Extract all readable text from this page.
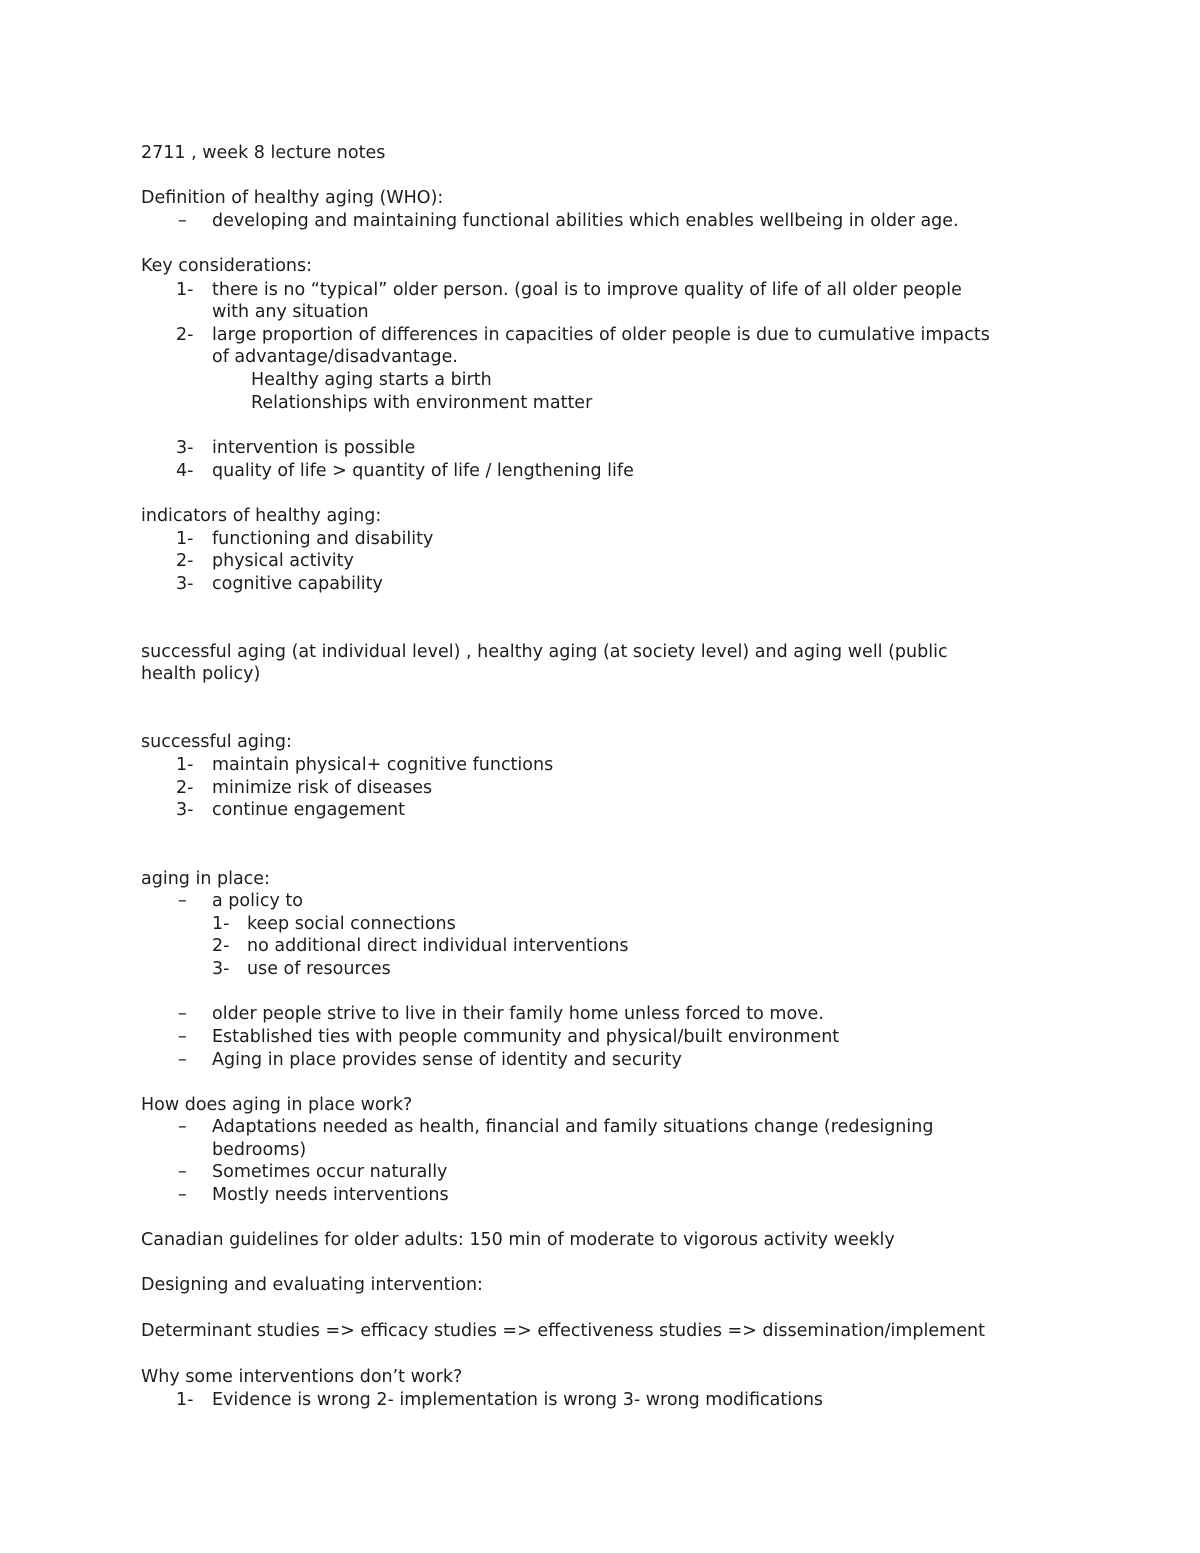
2711 , week 8 lecture notes
Definition of healthy aging (WHO):
– developing and maintaining functional abilities which enables wellbeing in older age.
Key considerations:
1- there is no “typical” older person. (goal is to improve quality of life of all older people
with any situation
2- large proportion of differences in capacities of older people is due to cumulative impacts
of advantage/disadvantage.
Healthy aging starts a birth
Relationships with environment matter
3- intervention is possible
4- quality of life > quantity of life / lengthening life
indicators of healthy aging:
1- functioning and disability
2- physical activity
3- cognitive capability
successful aging (at individual level) , healthy aging (at society level) and aging well (public
health policy)
successful aging:
1- maintain physical+ cognitive functions
2- minimize risk of diseases
3- continue engagement
aging in place:
– a policy to
1- keep social connections
2- no additional direct individual interventions
3- use of resources
– older people strive to live in their family home unless forced to move.
– Established ties with people community and physical/built environment
– Aging in place provides sense of identity and security
How does aging in place work?
– Adaptations needed as health, financial and family situations change (redesigning
bedrooms)
– Sometimes occur naturally
– Mostly needs interventions
Canadian guidelines for older adults: 150 min of moderate to vigorous activity weekly
Designing and evaluating intervention:
Determinant studies => efficacy studies => effectiveness studies => dissemination/implement
Why some interventions don’t work?
1- Evidence is wrong 2- implementation is wrong 3- wrong modifications
